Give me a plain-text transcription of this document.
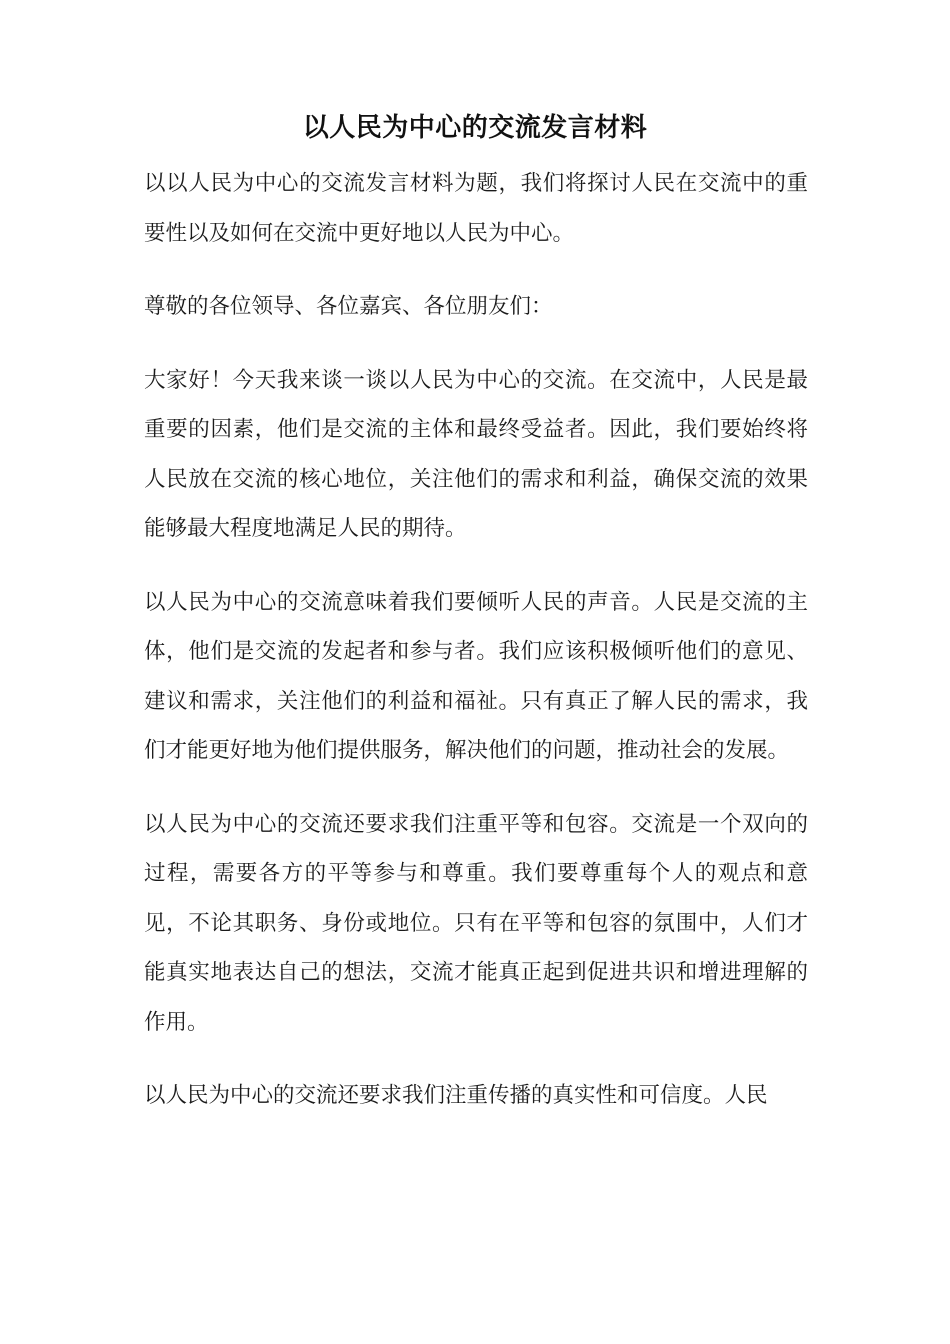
以人民为中心的交流发言材料

以以人民为中心的交流发言材料为题，我们将探讨人民在交流中的重要性以及如何在交流中更好地以人民为中心。

尊敬的各位领导、各位嘉宾、各位朋友们：

大家好！今天我来谈一谈以人民为中心的交流。在交流中，人民是最重要的因素，他们是交流的主体和最终受益者。因此，我们要始终将人民放在交流的核心地位，关注他们的需求和利益，确保交流的效果能够最大程度地满足人民的期待。

以人民为中心的交流意味着我们要倾听人民的声音。人民是交流的主体，他们是交流的发起者和参与者。我们应该积极倾听他们的意见、建议和需求，关注他们的利益和福祉。只有真正了解人民的需求，我们才能更好地为他们提供服务，解决他们的问题，推动社会的发展。

以人民为中心的交流还要求我们注重平等和包容。交流是一个双向的过程，需要各方的平等参与和尊重。我们要尊重每个人的观点和意见，不论其职务、身份或地位。只有在平等和包容的氛围中，人们才能真实地表达自己的想法，交流才能真正起到促进共识和增进理解的作用。

以人民为中心的交流还要求我们注重传播的真实性和可信度。人民
